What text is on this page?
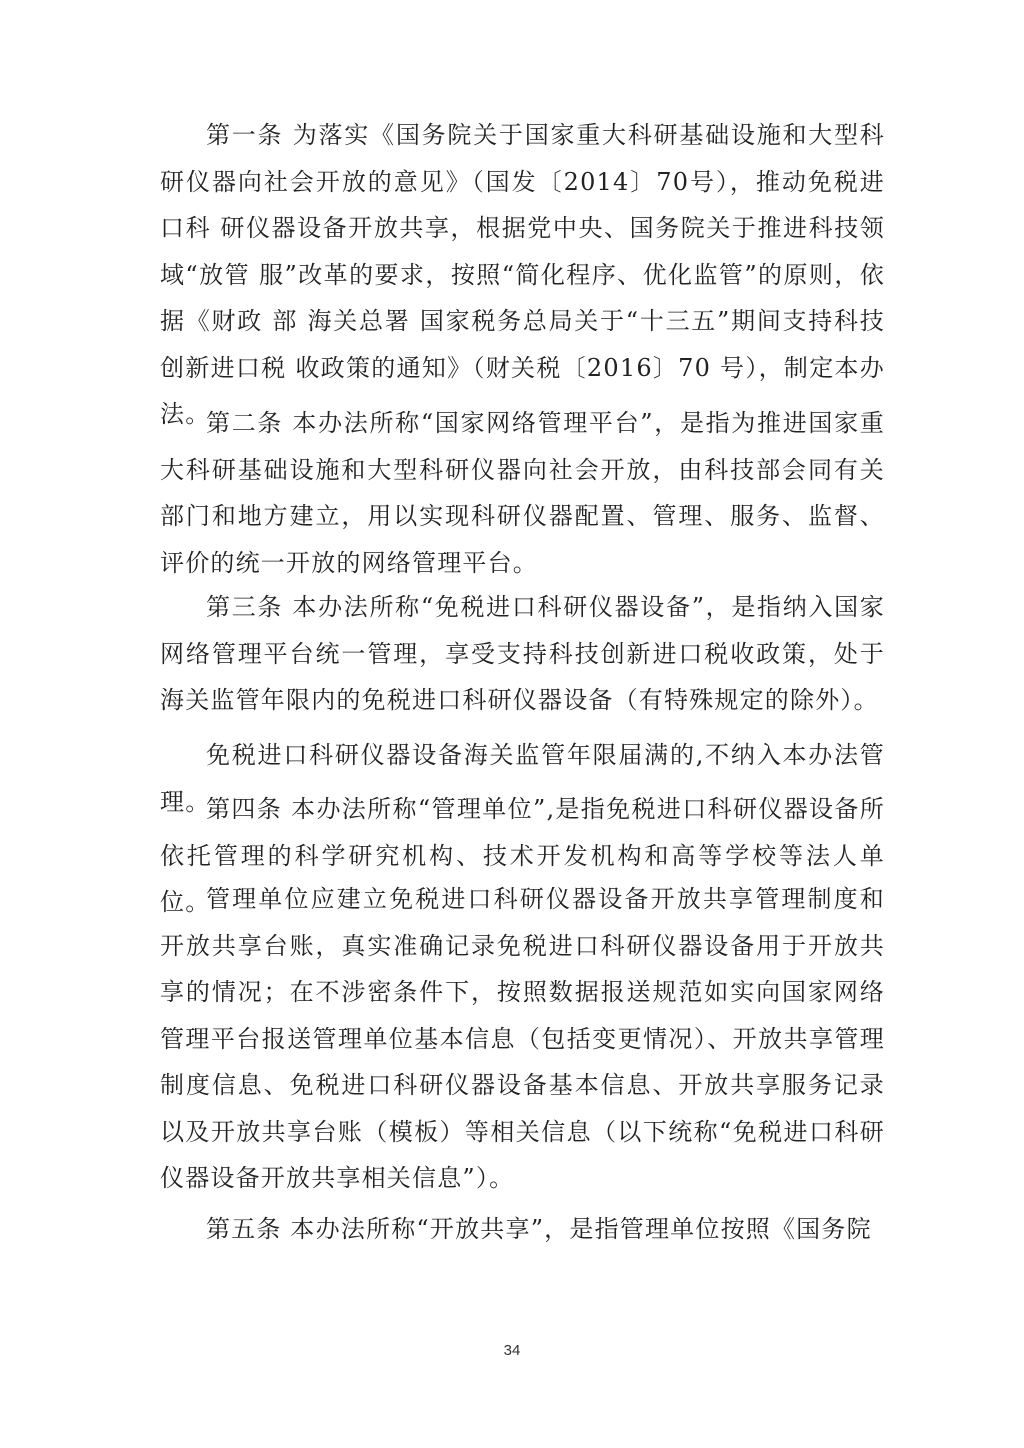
第一条 为落实《国务院关于国家重大科研基础设施和大型科研仪器向社会开放的意见》（国发〔2014〕70号），推动免税进口科 研仪器设备开放共享，根据党中央、国务院关于推进科技领域“放管 服”改革的要求，按照“简化程序、优化监管”的原则，依据《财政 部 海关总署 国家税务总局关于“十三五”期间支持科技创新进口税 收政策的通知》（财关税〔2016〕70 号），制定本办法。

第二条 本办法所称“国家网络管理平台”，是指为推进国家重大科研基础设施和大型科研仪器向社会开放，由科技部会同有关部门和地方建立，用以实现科研仪器配置、管理、服务、监督、评价的统一开放的网络管理平台。

第三条 本办法所称“免税进口科研仪器设备”，是指纳入国家网络管理平台统一管理，享受支持科技创新进口税收政策，处于海关监管年限内的免税进口科研仪器设备（有特殊规定的除外）。

免税进口科研仪器设备海关监管年限届满的,不纳入本办法管理。

第四条 本办法所称“管理单位”,是指免税进口科研仪器设备所依托管理的科学研究机构、技术开发机构和高等学校等法人单位。

管理单位应建立免税进口科研仪器设备开放共享管理制度和开放共享台账，真实准确记录免税进口科研仪器设备用于开放共享的情况；在不涉密条件下，按照数据报送规范如实向国家网络管理平台报送管理单位基本信息（包括变更情况）、开放共享管理制度信息、免税进口科研仪器设备基本信息、开放共享服务记录以及开放共享台账（模板）等相关信息（以下统称“免税进口科研仪器设备开放共享相关信息”）。

第五条 本办法所称“开放共享”，是指管理单位按照《国务院

34
